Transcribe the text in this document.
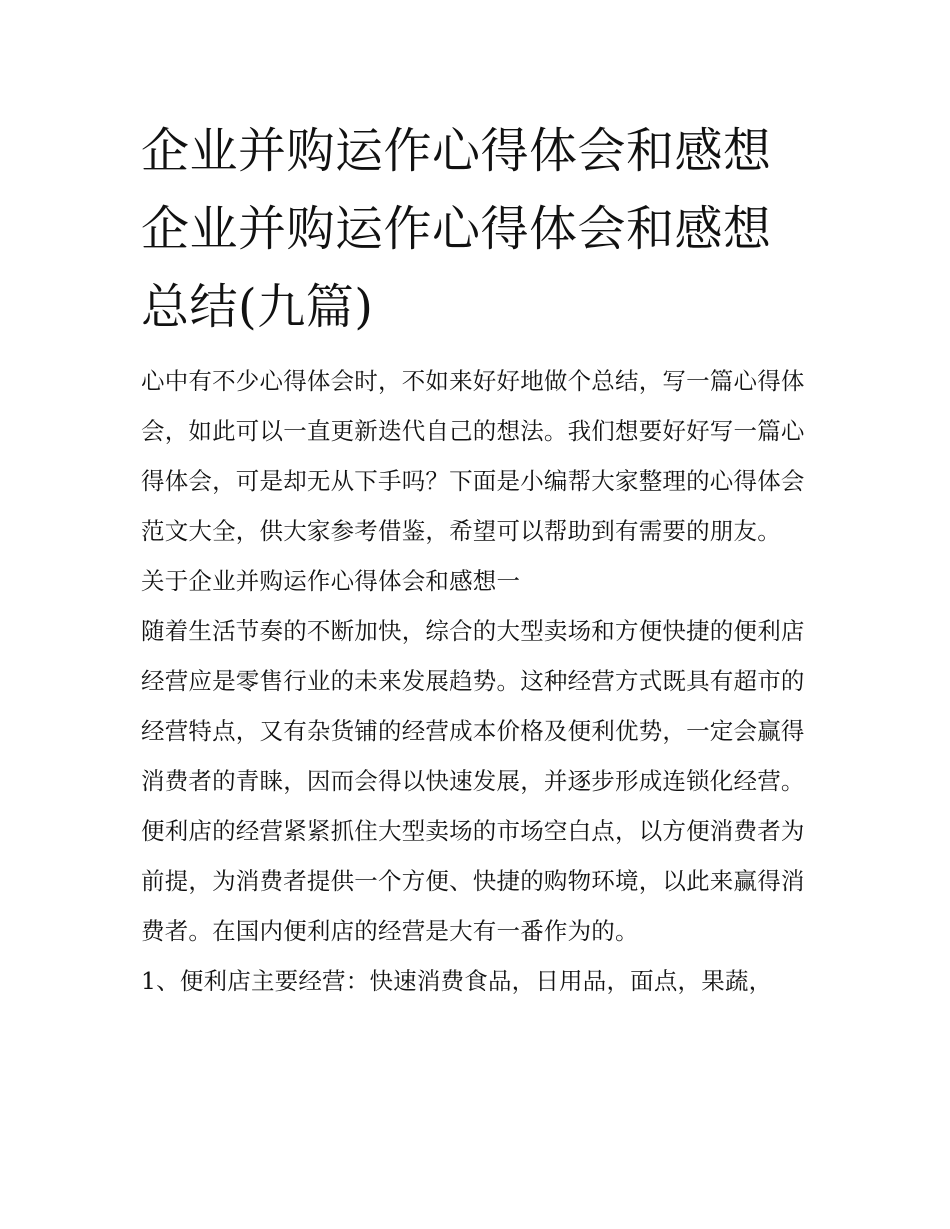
企业并购运作心得体会和感想企业并购运作心得体会和感想总结(九篇)

心中有不少心得体会时，不如来好好地做个总结，写一篇心得体会，如此可以一直更新迭代自己的想法。我们想要好好写一篇心得体会，可是却无从下手吗？下面是小编帮大家整理的心得体会范文大全，供大家参考借鉴，希望可以帮助到有需要的朋友。

关于企业并购运作心得体会和感想一

随着生活节奏的不断加快，综合的大型卖场和方便快捷的便利店经营应是零售行业的未来发展趋势。这种经营方式既具有超市的经营特点，又有杂货铺的经营成本价格及便利优势，一定会赢得消费者的青睐，因而会得以快速发展，并逐步形成连锁化经营。

便利店的经营紧紧抓住大型卖场的市场空白点，以方便消费者为前提，为消费者提供一个方便、快捷的购物环境，以此来赢得消费者。在国内便利店的经营是大有一番作为的。

1、便利店主要经营：快速消费食品，日用品，面点，果蔬，
